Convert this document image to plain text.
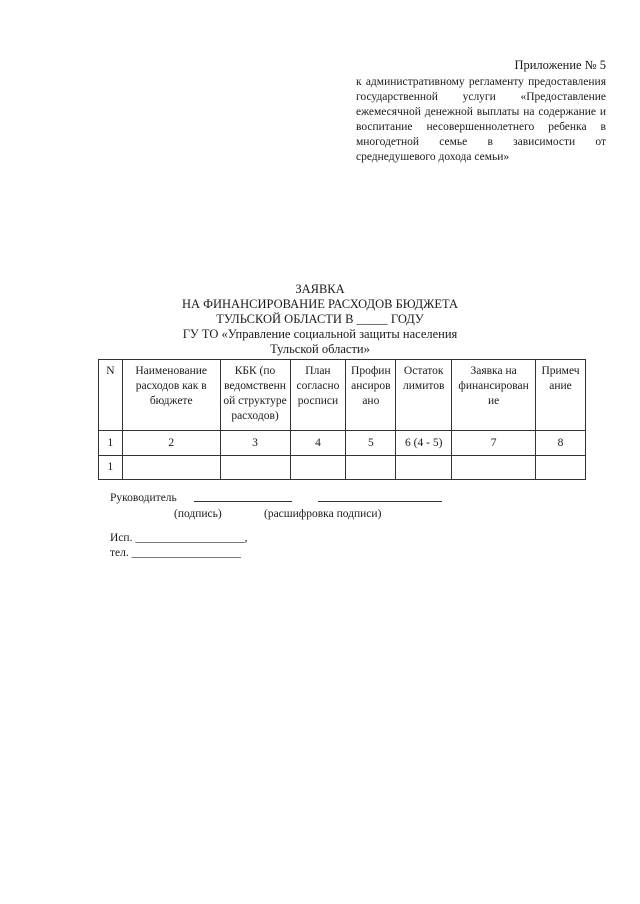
Приложение № 5
к административному регламенту предоставления государственной услуги «Предоставление ежемесячной денежной выплаты на содержание и воспитание несовершеннолетнего ребенка в многодетной семье в зависимости от среднедушевого дохода семьи»
ЗАЯВКА
НА ФИНАНСИРОВАНИЕ РАСХОДОВ БЮДЖЕТА
ТУЛЬСКОЙ ОБЛАСТИ В _____ ГОДУ
ГУ ТО «Управление социальной защиты населения
Тульской области»
N	Наименование расходов как в бюджете	КБК (по ведомственн ой структуре расходов)	План согласно росписи	Профин ансиров ано	Остаток лимитов	Заявка на финансирован ие	Примеч ание
1	2	3	4	5	6 (4 - 5)	7	8
1							
Руководитель
(подпись)	(расшифровка подписи)
Исп. ___________________,
тел. ___________________
